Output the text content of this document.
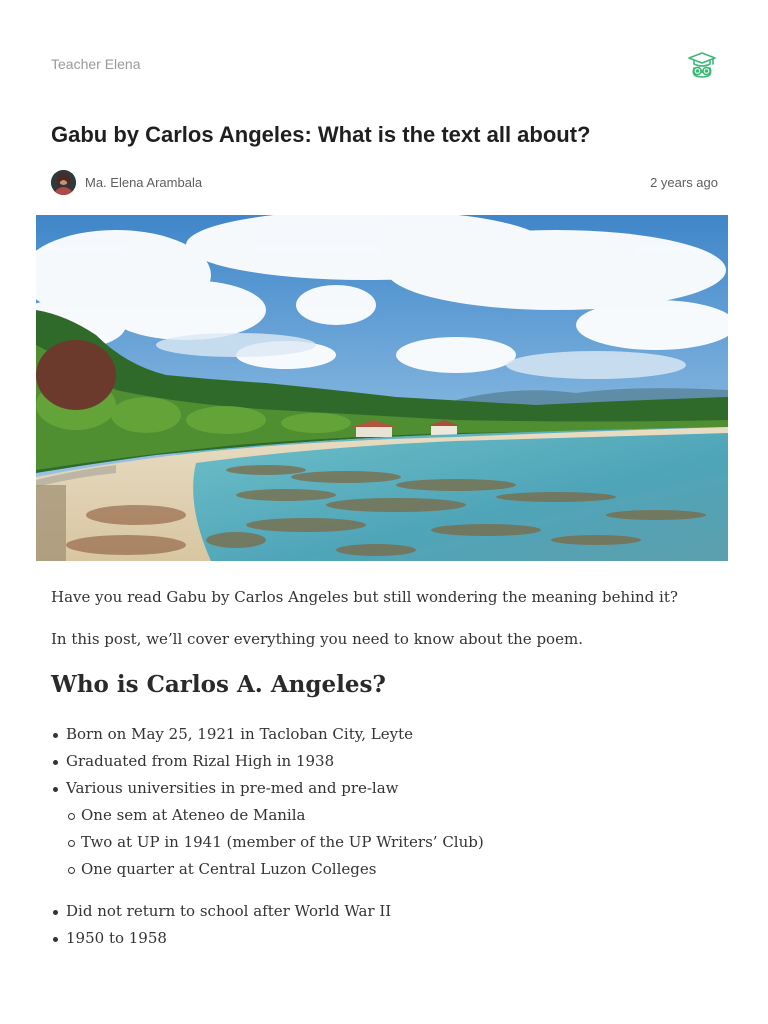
Teacher Elena
Gabu by Carlos Angeles: What is the text all about?
Ma. Elena Arambala	2 years ago

Have you read Gabu by Carlos Angeles but still wondering the meaning behind it?

In this post, we’ll cover everything you need to know about the poem.

Who is Carlos A. Angeles?
Born on May 25, 1921 in Tacloban City, Leyte
Graduated from Rizal High in 1938
Various universities in pre-med and pre-law
One sem at Ateneo de Manila
Two at UP in 1941 (member of the UP Writers’ Club)
One quarter at Central Luzon Colleges
Did not return to school after World War II
1950 to 1958
